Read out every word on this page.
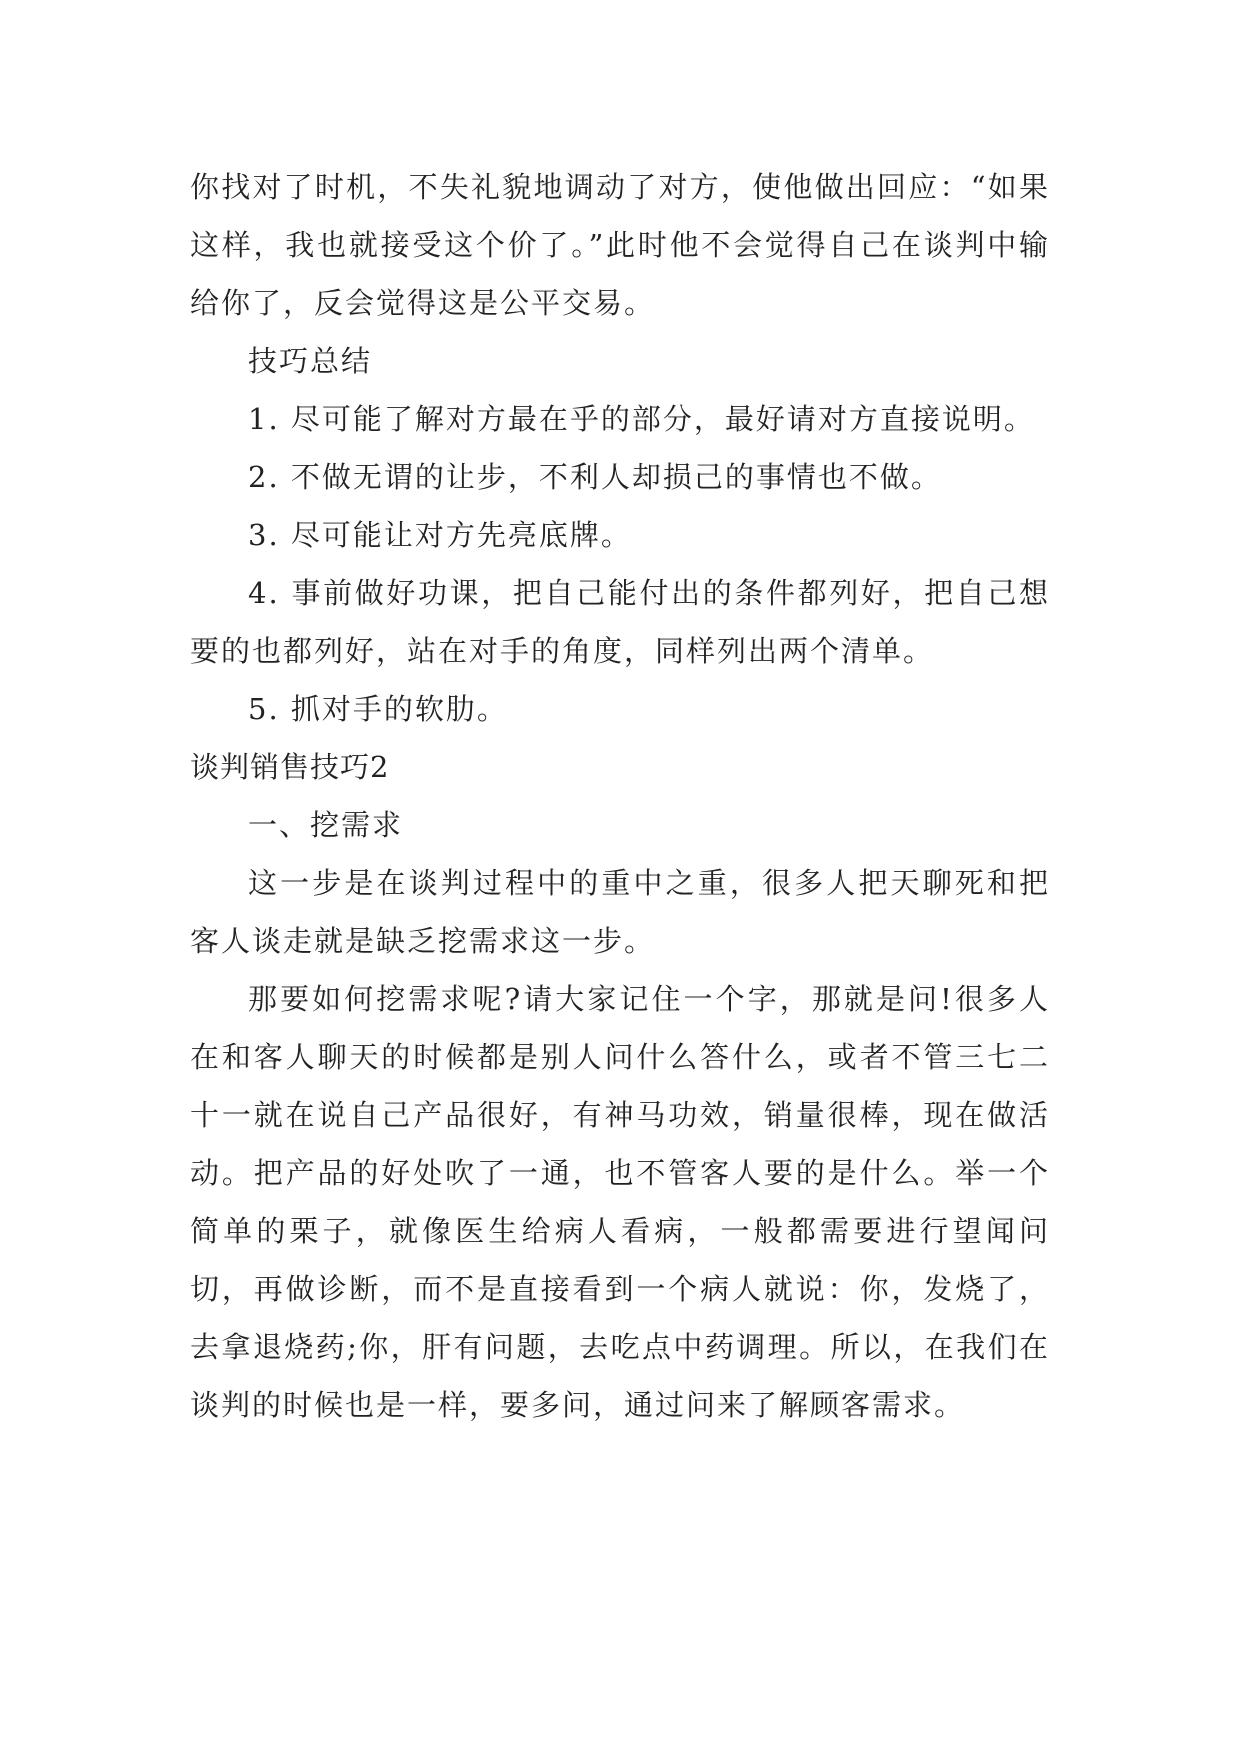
你找对了时机，不失礼貌地调动了对方，使他做出回应：“如果这样，我也就接受这个价了。”此时他不会觉得自己在谈判中输给你了，反会觉得这是公平交易。

技巧总结

1. 尽可能了解对方最在乎的部分，最好请对方直接说明。

2. 不做无谓的让步，不利人却损己的事情也不做。

3. 尽可能让对方先亮底牌。

4. 事前做好功课，把自己能付出的条件都列好，把自己想要的也都列好，站在对手的角度，同样列出两个清单。

5. 抓对手的软肋。

谈判销售技巧2

一、挖需求

这一步是在谈判过程中的重中之重，很多人把天聊死和把客人谈走就是缺乏挖需求这一步。

那要如何挖需求呢?请大家记住一个字，那就是问!很多人在和客人聊天的时候都是别人问什么答什么，或者不管三七二十一就在说自己产品很好，有神马功效，销量很棒，现在做活动。把产品的好处吹了一通，也不管客人要的是什么。举一个简单的栗子，就像医生给病人看病，一般都需要进行望闻问切，再做诊断，而不是直接看到一个病人就说：你，发烧了，去拿退烧药;你，肝有问题，去吃点中药调理。所以，在我们在谈判的时候也是一样，要多问，通过问来了解顾客需求。
